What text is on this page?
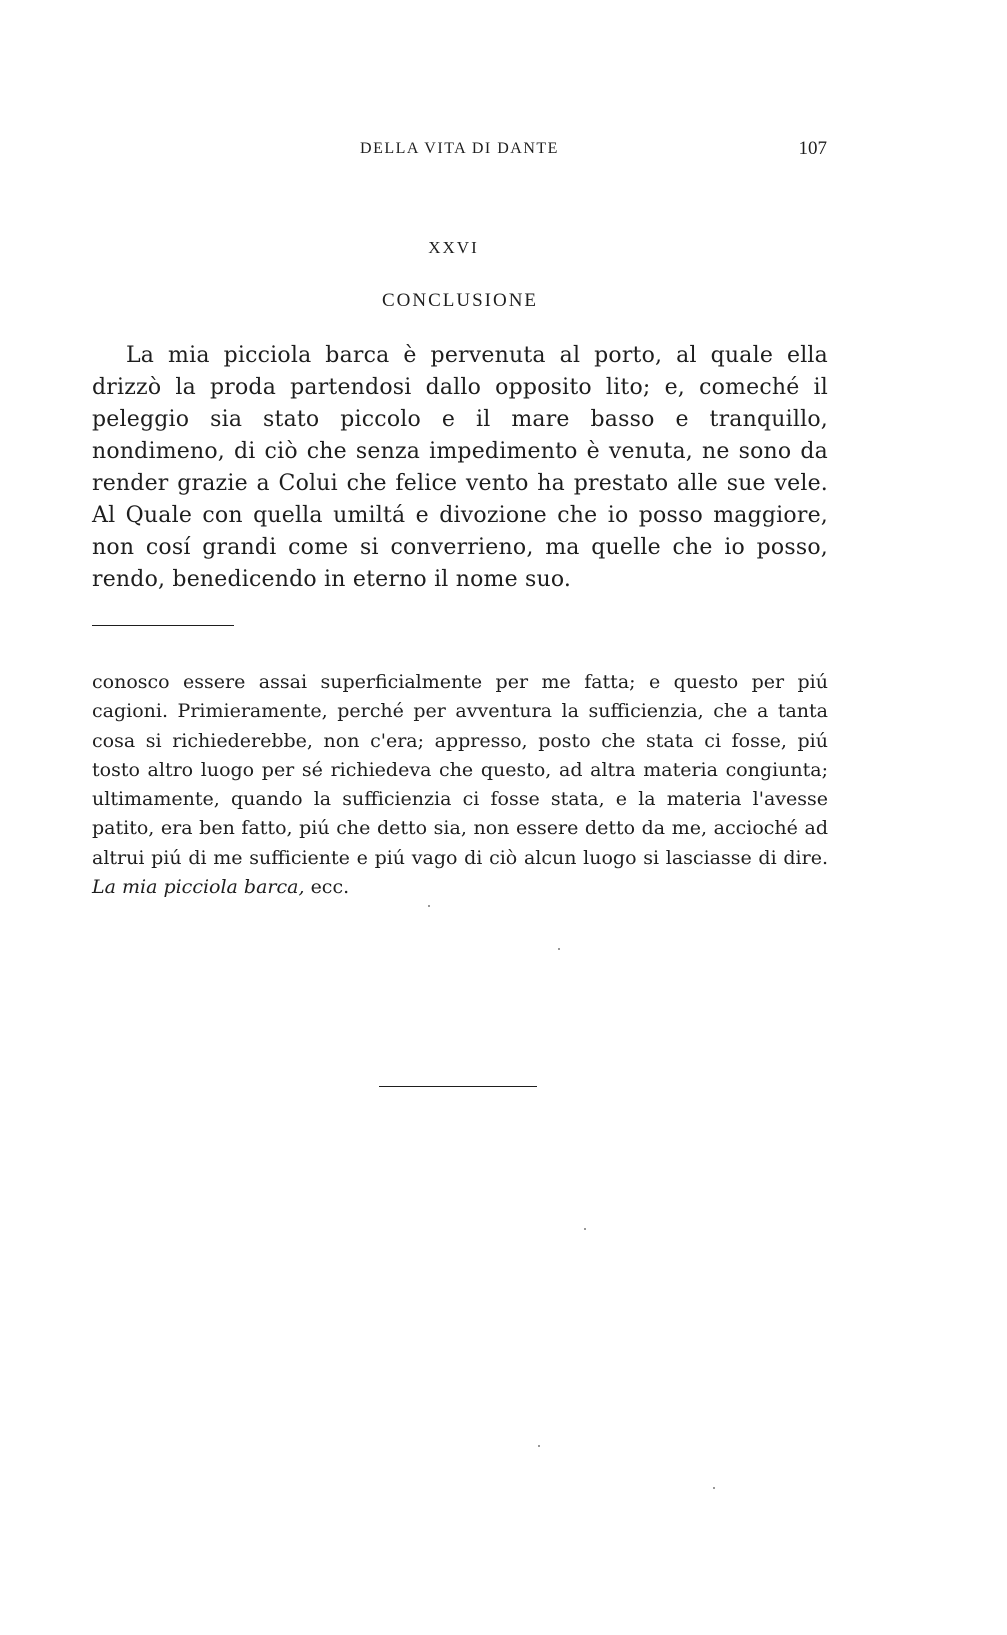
DELLA VITA DI DANTE	107
XXVI
CONCLUSIONE

La mia picciola barca è pervenuta al porto, al quale ella drizzò la proda partendosi dallo opposito lito; e, comeché il peleggio sia stato piccolo e il mare basso e tranquillo, nondimeno, di ciò che senza impedimento è venuta, ne sono da render grazie a Colui che felice vento ha prestato alle sue vele. Al Quale con quella umiltá e divozione che io posso maggiore, non cosí grandi come si converrieno, ma quelle che io posso, rendo, benedicendo in eterno il nome suo.

conosco essere assai superficialmente per me fatta; e questo per piú cagioni. Primieramente, perché per avventura la sufficienzia, che a tanta cosa si richiederebbe, non c'era; appresso, posto che stata ci fosse, piú tosto altro luogo per sé richiedeva che questo, ad altra materia congiunta; ultimamente, quando la sufficienzia ci fosse stata, e la materia l'avesse patito, era ben fatto, piú che detto sia, non essere detto da me, accioché ad altrui piú di me sufficiente e piú vago di ciò alcun luogo si lasciasse di dire. La mia picciola barca, ecc.
